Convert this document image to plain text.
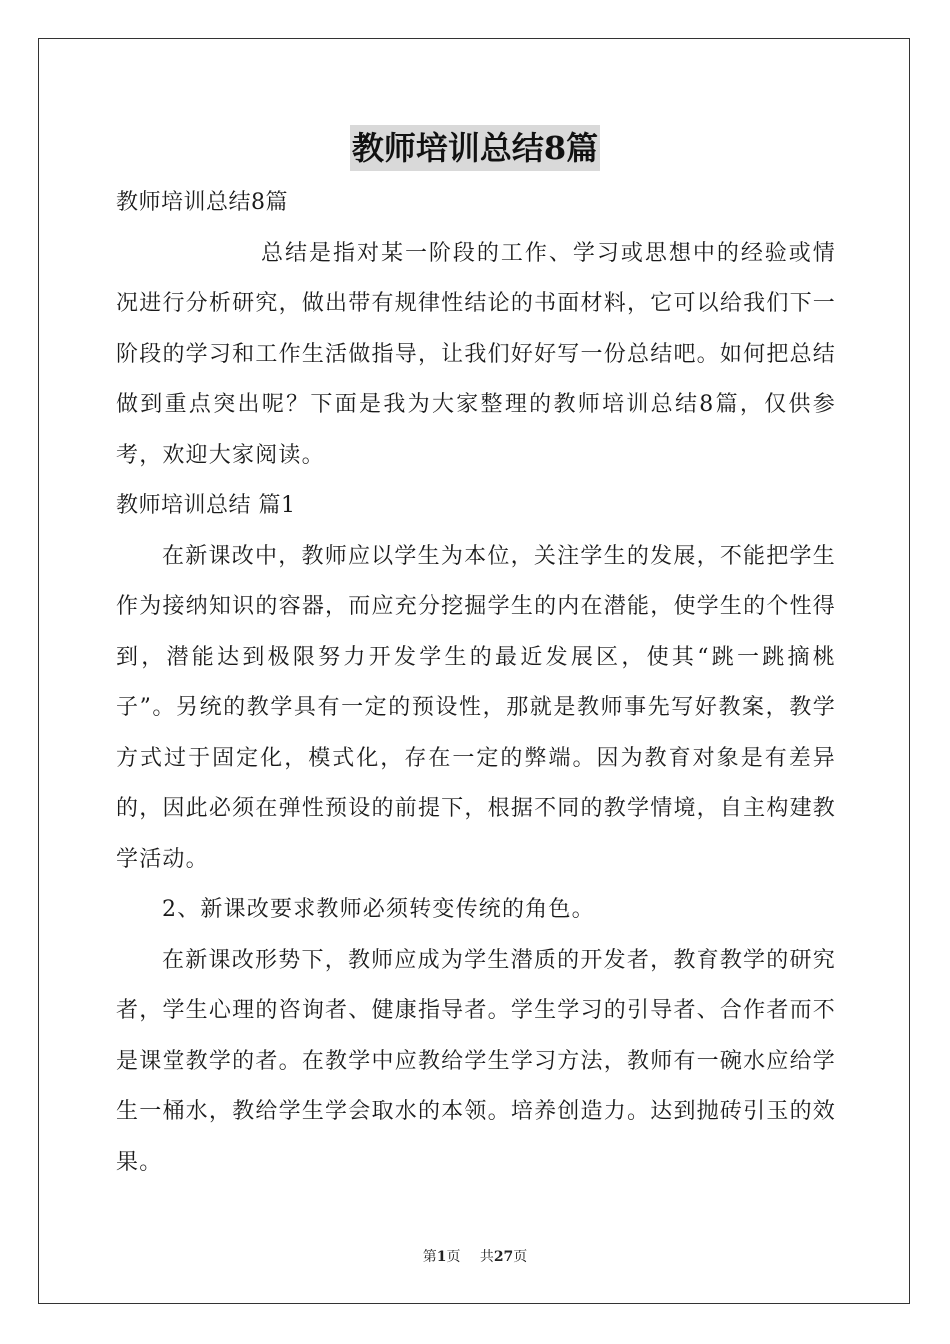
教师培训总结8篇

教师培训总结8篇

总结是指对某一阶段的工作、学习或思想中的经验或情况进行分析研究，做出带有规律性结论的书面材料，它可以给我们下一阶段的学习和工作生活做指导，让我们好好写一份总结吧。如何把总结做到重点突出呢？下面是我为大家整理的教师培训总结8篇，仅供参考，欢迎大家阅读。

教师培训总结 篇1

在新课改中，教师应以学生为本位，关注学生的发展，不能把学生作为接纳知识的容器，而应充分挖掘学生的内在潜能，使学生的个性得到，潜能达到极限努力开发学生的最近发展区，使其“跳一跳摘桃子”。另统的教学具有一定的预设性，那就是教师事先写好教案，教学方式过于固定化，模式化，存在一定的弊端。因为教育对象是有差异的，因此必须在弹性预设的前提下，根据不同的教学情境，自主构建教学活动。

2、新课改要求教师必须转变传统的角色。

在新课改形势下，教师应成为学生潜质的开发者，教育教学的研究者，学生心理的咨询者、健康指导者。学生学习的引导者、合作者而不是课堂教学的者。在教学中应教给学生学习方法，教师有一碗水应给学生一桶水，教给学生学会取水的本领。培养创造力。达到抛砖引玉的效果。

第1页 共27页
